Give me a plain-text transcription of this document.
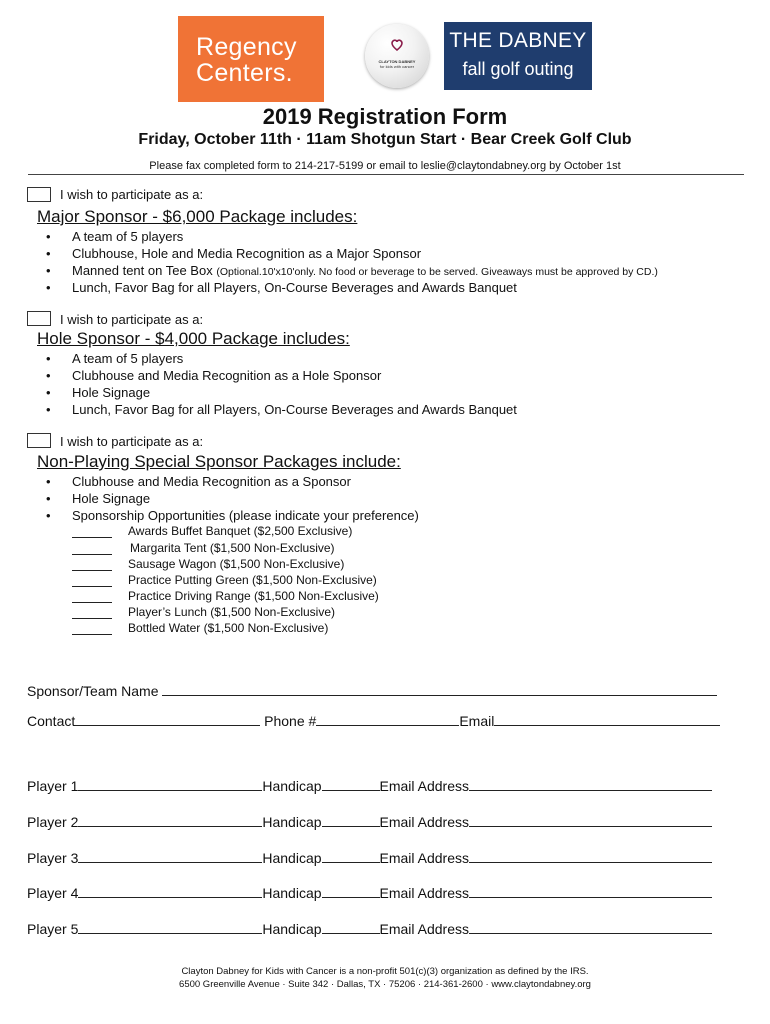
Regency
Centers.	CLAYTON DABNEY
for kids with cancer
THE DABNEY
fall golf outing
2019 Registration Form
Friday, October 11th · 11am Shotgun Start · Bear Creek Golf Club
Please fax completed form to 214-217-5199 or email to leslie@claytondabney.org by October 1st
I wish to participate as a:
Major Sponsor - $6,000 Package includes:
• A team of 5 players
• Clubhouse, Hole and Media Recognition as a Major Sponsor
• Manned tent on Tee Box (Optional.10'x10'only. No food or beverage to be served. Giveaways must be approved by CD.)
• Lunch, Favor Bag for all Players, On-Course Beverages and Awards Banquet
I wish to participate as a:
Hole Sponsor - $4,000 Package includes:
• A team of 5 players
• Clubhouse and Media Recognition as a Hole Sponsor
• Hole Signage
• Lunch, Favor Bag for all Players, On-Course Beverages and Awards Banquet
I wish to participate as a:
Non-Playing Special Sponsor Packages include:
• Clubhouse and Media Recognition as a Sponsor
• Hole Signage
• Sponsorship Opportunities (please indicate your preference)
Awards Buffet Banquet ($2,500 Exclusive)
Margarita Tent ($1,500 Non-Exclusive)
Sausage Wagon ($1,500 Non-Exclusive)
Practice Putting Green ($1,500 Non-Exclusive)
Practice Driving Range ($1,500 Non-Exclusive)
Player’s Lunch ($1,500 Non-Exclusive)
Bottled Water ($1,500 Non-Exclusive)
Sponsor/Team Name
Contact	Phone #	Email
Player 1	Handicap	Email Address
Player 2	Handicap	Email Address
Player 3	Handicap	Email Address
Player 4	Handicap	Email Address
Player 5	Handicap	Email Address
Clayton Dabney for Kids with Cancer is a non-profit 501(c)(3) organization as defined by the IRS.
6500 Greenville Avenue · Suite 342 · Dallas, TX · 75206 · 214-361-2600 · www.claytondabney.org
